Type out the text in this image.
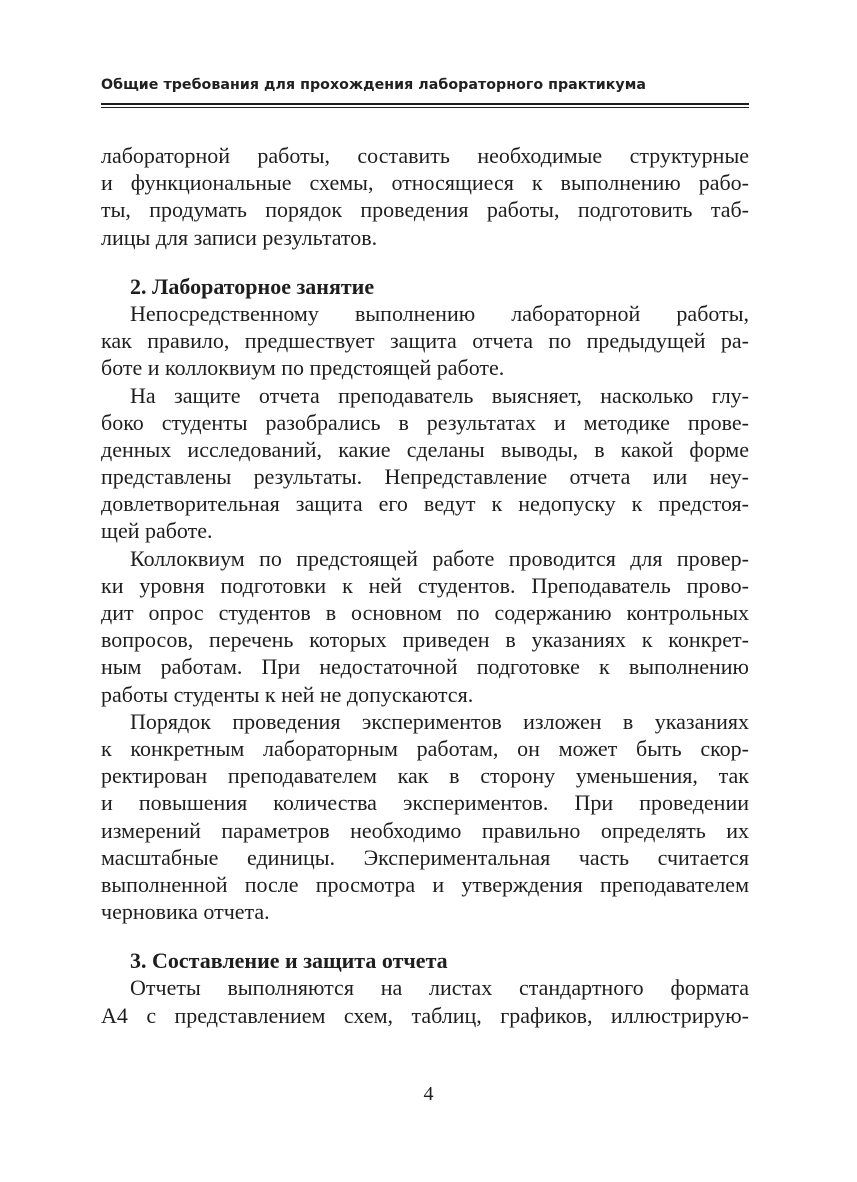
Общие требования для прохождения лабораторного практикума
лабораторной работы, составить необходимые структурные
и функциональные схемы, относящиеся к выполнению рабо-
ты, продумать порядок проведения работы, подготовить таб-
лицы для записи результатов.
2. Лабораторное занятие
Непосредственному выполнению лабораторной работы,
как правило, предшествует защита отчета по предыдущей ра-
боте и коллоквиум по предстоящей работе.
На защите отчета преподаватель выясняет, насколько глу-
боко студенты разобрались в результатах и методике прове-
денных исследований, какие сделаны выводы, в какой форме
представлены результаты. Непредставление отчета или неу-
довлетворительная защита его ведут к недопуску к предстоя-
щей работе.
Коллоквиум по предстоящей работе проводится для провер-
ки уровня подготовки к ней студентов. Преподаватель прово-
дит опрос студентов в основном по содержанию контрольных
вопросов, перечень которых приведен в указаниях к конкрет-
ным работам. При недостаточной подготовке к выполнению
работы студенты к ней не допускаются.
Порядок проведения экспериментов изложен в указаниях
к конкретным лабораторным работам, он может быть скор-
ректирован преподавателем как в сторону уменьшения, так
и повышения количества экспериментов. При проведении
измерений параметров необходимо правильно определять их
масштабные единицы. Экспериментальная часть считается
выполненной после просмотра и утверждения преподавателем
черновика отчета.
3. Составление и защита отчета
Отчеты выполняются на листах стандартного формата
А4 с представлением схем, таблиц, графиков, иллюстрирую-
4
